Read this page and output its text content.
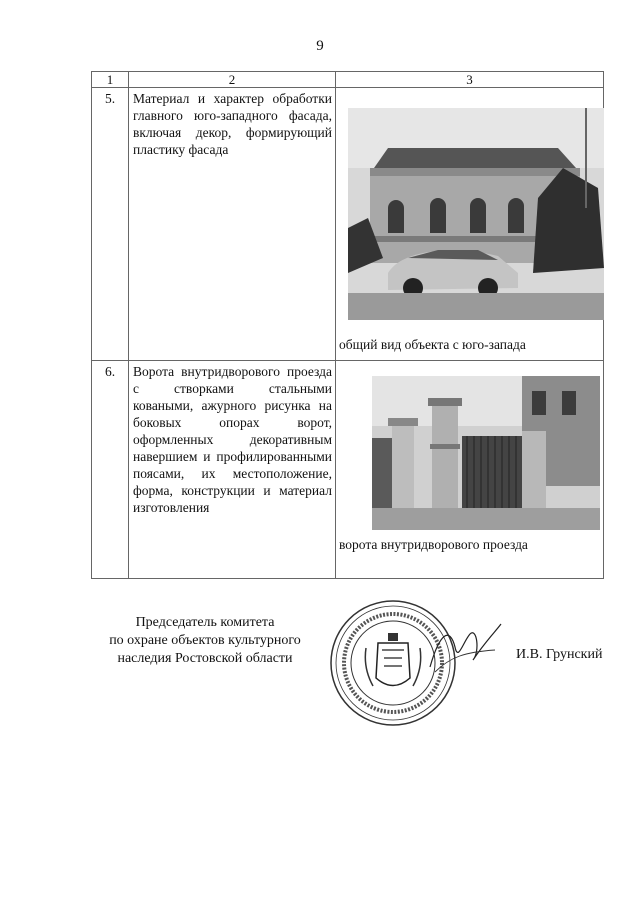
9
1	2	3
5.	Материал и характер обработки главного юго-западного фасада, включая декор, формирующий пластику фасада	общий вид объекта с юго-запада

6.	Ворота внутридворового проезда с створками стальными коваными, ажурного рисунка на боковых опорах ворот, оформленных декоративным навершием и профилированными поясами, их местоположение, форма, конструкции и материал изготовления	ворота внутридворового проезда
Председатель комитета
по охране объектов культурного
наследия Ростовской области	И.В. Грунский
